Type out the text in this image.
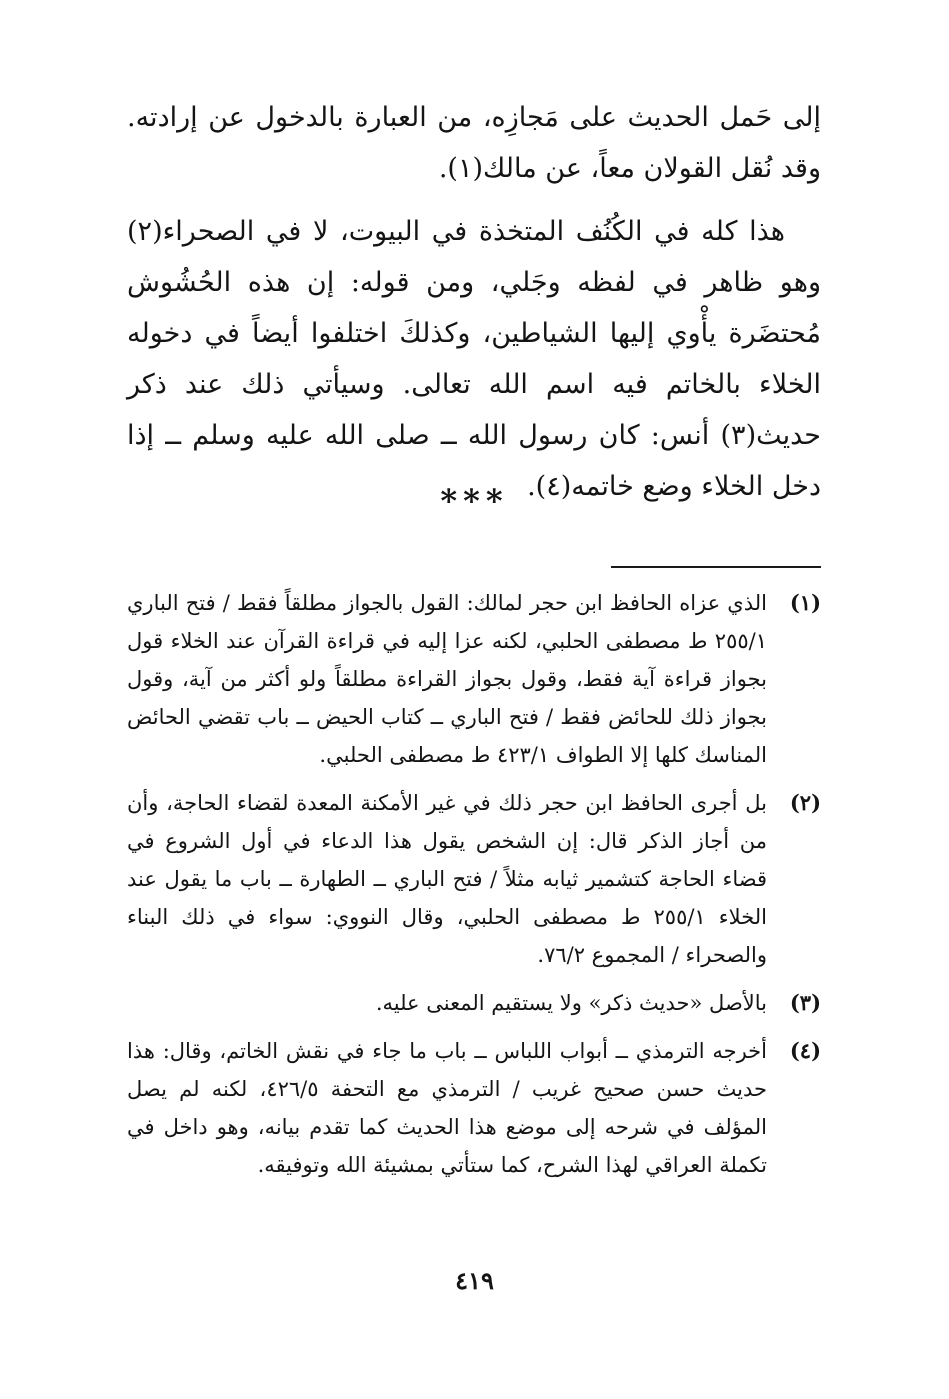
إلى حَمل الحديث على مَجازِه، من العبارة بالدخول عن إرادته. وقد نُقل القولان معاً، عن مالك(١).

هذا كله في الكُنُف المتخذة في البيوت، لا في الصحراء(٢) وهو ظاهر في لفظه وجَلي، ومن قوله: إن هذه الحُشُوش مُحتضَرة يأْوي إليها الشياطين، وكذلكَ اختلفوا أيضاً في دخوله الخلاء بالخاتم فيه اسم الله تعالى. وسيأتي ذلك عند ذكر حديث(٣) أنس: كان رسول الله ــ صلى الله عليه وسلم ــ إذا دخل الخلاء وضع خاتمه(٤).

***
(١)
الذي عزاه الحافظ ابن حجر لمالك: القول بالجواز مطلقاً فقط / فتح الباري ٢٥٥/١ ط مصطفى الحلبي، لكنه عزا إليه في قراءة القرآن عند الخلاء قول بجواز قراءة آية فقط، وقول بجواز القراءة مطلقاً ولو أكثر من آية، وقول بجواز ذلك للحائض فقط / فتح الباري ــ كتاب الحيض ــ باب تقضي الحائض المناسك كلها إلا الطواف ٤٢٣/١ ط مصطفى الحلبي.
(٢)
بل أجرى الحافظ ابن حجر ذلك في غير الأمكنة المعدة لقضاء الحاجة، وأن من أجاز الذكر قال: إن الشخص يقول هذا الدعاء في أول الشروع في قضاء الحاجة كتشمير ثيابه مثلاً / فتح الباري ــ الطهارة ــ باب ما يقول عند الخلاء ٢٥٥/١ ط مصطفى الحلبي، وقال النووي: سواء في ذلك البناء والصحراء / المجموع ٧٦/٢.
(٣)
بالأصل «حديث ذكر» ولا يستقيم المعنى عليه.
(٤)
أخرجه الترمذي ــ أبواب اللباس ــ باب ما جاء في نقش الخاتم، وقال: هذا حديث حسن صحيح غريب / الترمذي مع التحفة ٤٢٦/٥، لكنه لم يصل المؤلف في شرحه إلى موضع هذا الحديث كما تقدم بيانه، وهو داخل في تكملة العراقي لهذا الشرح، كما ستأتي بمشيئة الله وتوفيقه.
٤١٩
